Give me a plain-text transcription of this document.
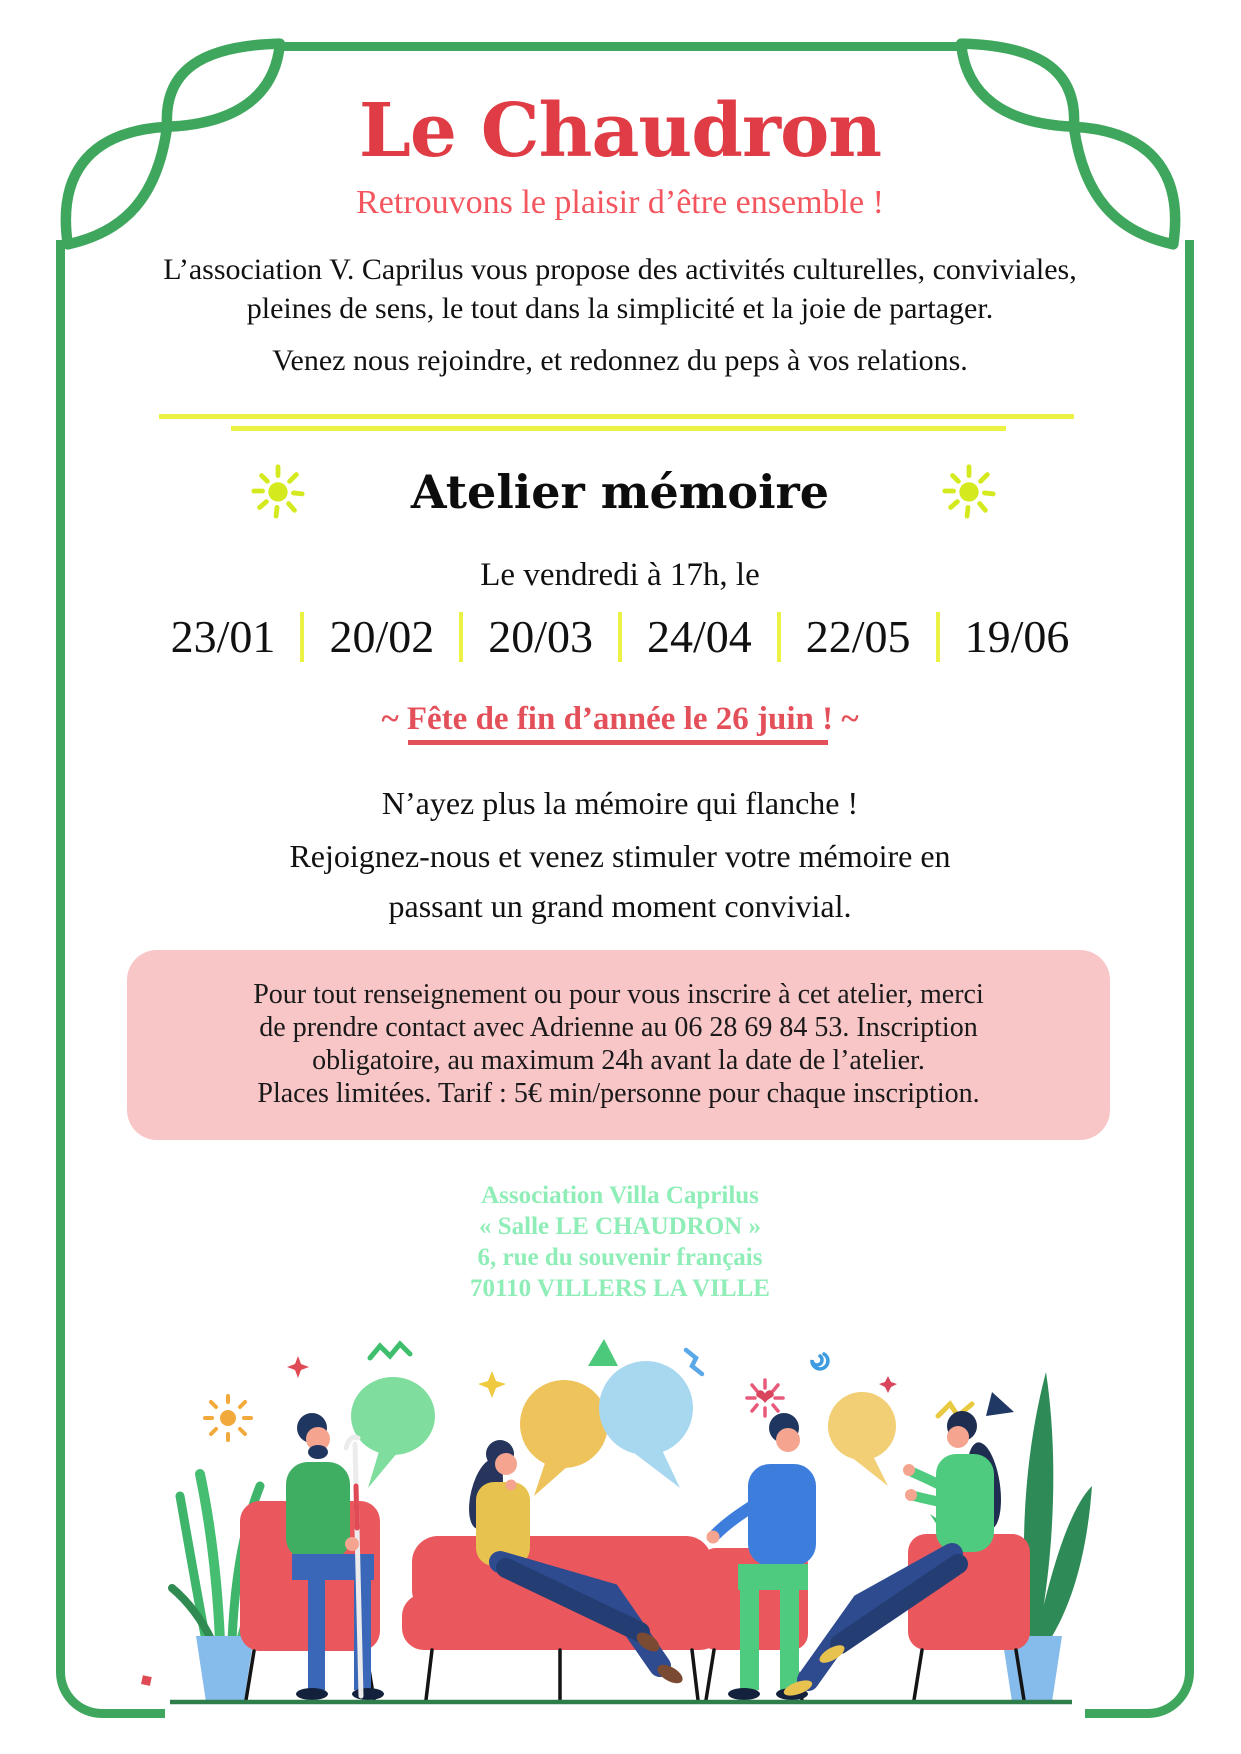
Le Chaudron
Retrouvons le plaisir d’être ensemble !
L’association V. Caprilus vous propose des activités culturelles, conviviales,
pleines de sens, le tout dans la simplicité et la joie de partager.
Venez nous rejoindre, et redonnez du peps à vos relations.
Atelier mémoire
Le vendredi à 17h, le
23/01	20/02	20/03	24/04	22/05	19/06
~ Fête de fin d’année le 26 juin ! ~
N’ayez plus la mémoire qui flanche !
Rejoignez-nous et venez stimuler votre mémoire en
passant un grand moment convivial.
Pour tout renseignement ou pour vous inscrire à cet atelier, merci
de prendre contact avec Adrienne au 06 28 69 84 53. Inscription
obligatoire, au maximum 24h avant la date de l’atelier.
Places limitées. Tarif : 5€ min/personne pour chaque inscription.
Association Villa Caprilus
« Salle LE CHAUDRON »
6, rue du souvenir français
70110 VILLERS LA VILLE
